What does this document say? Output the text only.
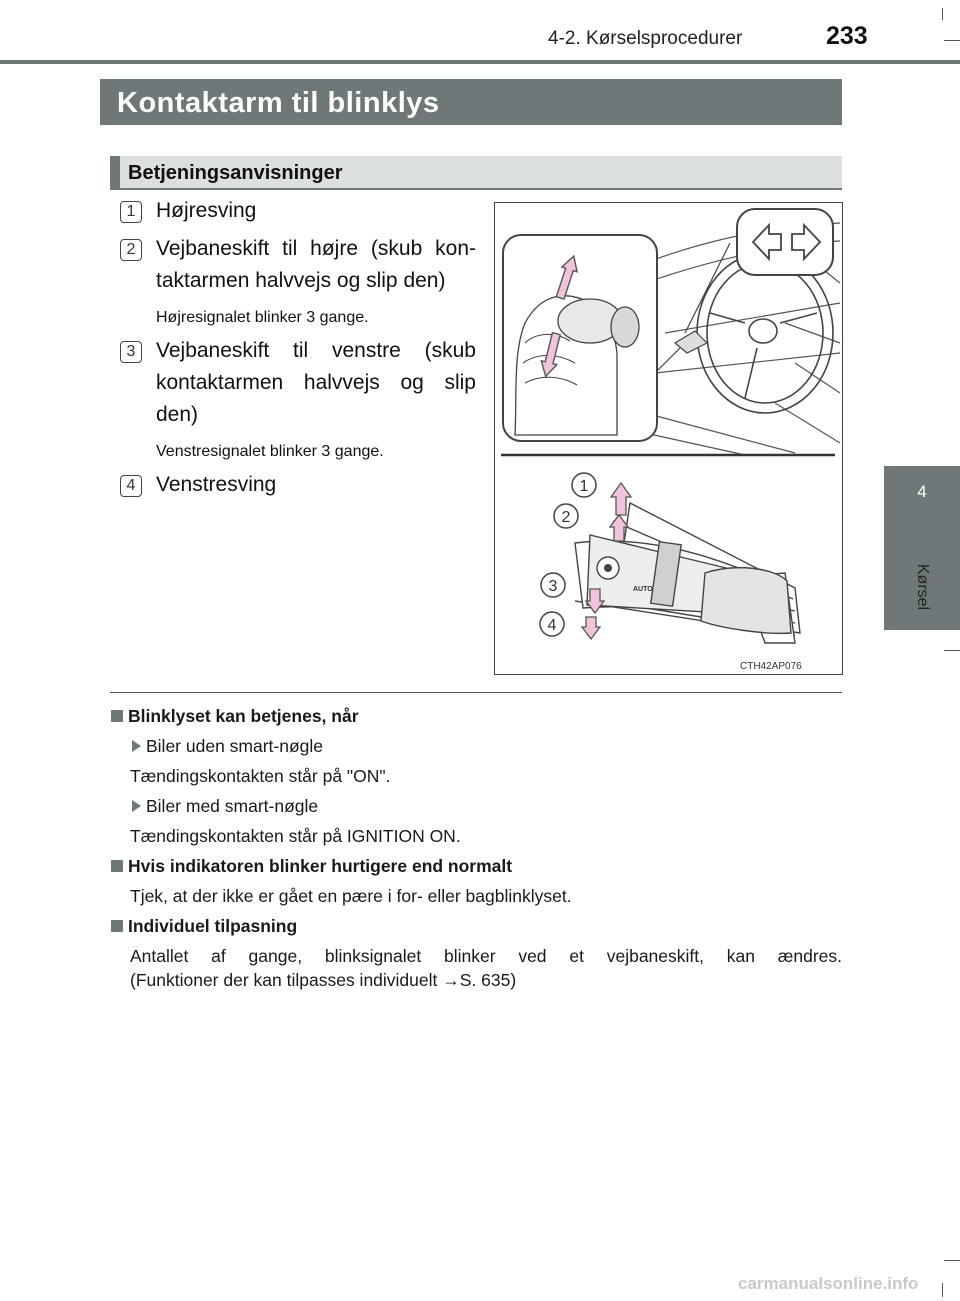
4-2. Kørselsprocedurer	233
4
Kørsel
Kontaktarm til blinklys
Betjeningsanvisninger
1 Højresving
2 Vejbaneskift til højre (skub kon-taktarmen halvvejs og slip den)
Højresignalet blinker 3 gange.
3 Vejbaneskift til venstre (skub kontaktarmen halvvejs og slip den)
Venstresignalet blinker 3 gange.
4 Venstresving	1
2
3
4
AUTO
CTH42AP076
Blinklyset kan betjenes, når
Biler uden smart-nøgle
Tændingskontakten står på "ON".
Biler med smart-nøgle
Tændingskontakten står på IGNITION ON.
Hvis indikatoren blinker hurtigere end normalt
Tjek, at der ikke er gået en pære i for- eller bagblinklyset.
Individuel tilpasning
Antallet af gange, blinksignalet blinker ved et vejbaneskift, kan ændres.
(Funktioner der kan tilpasses individuelt →S. 635)
carmanualsonline.info
